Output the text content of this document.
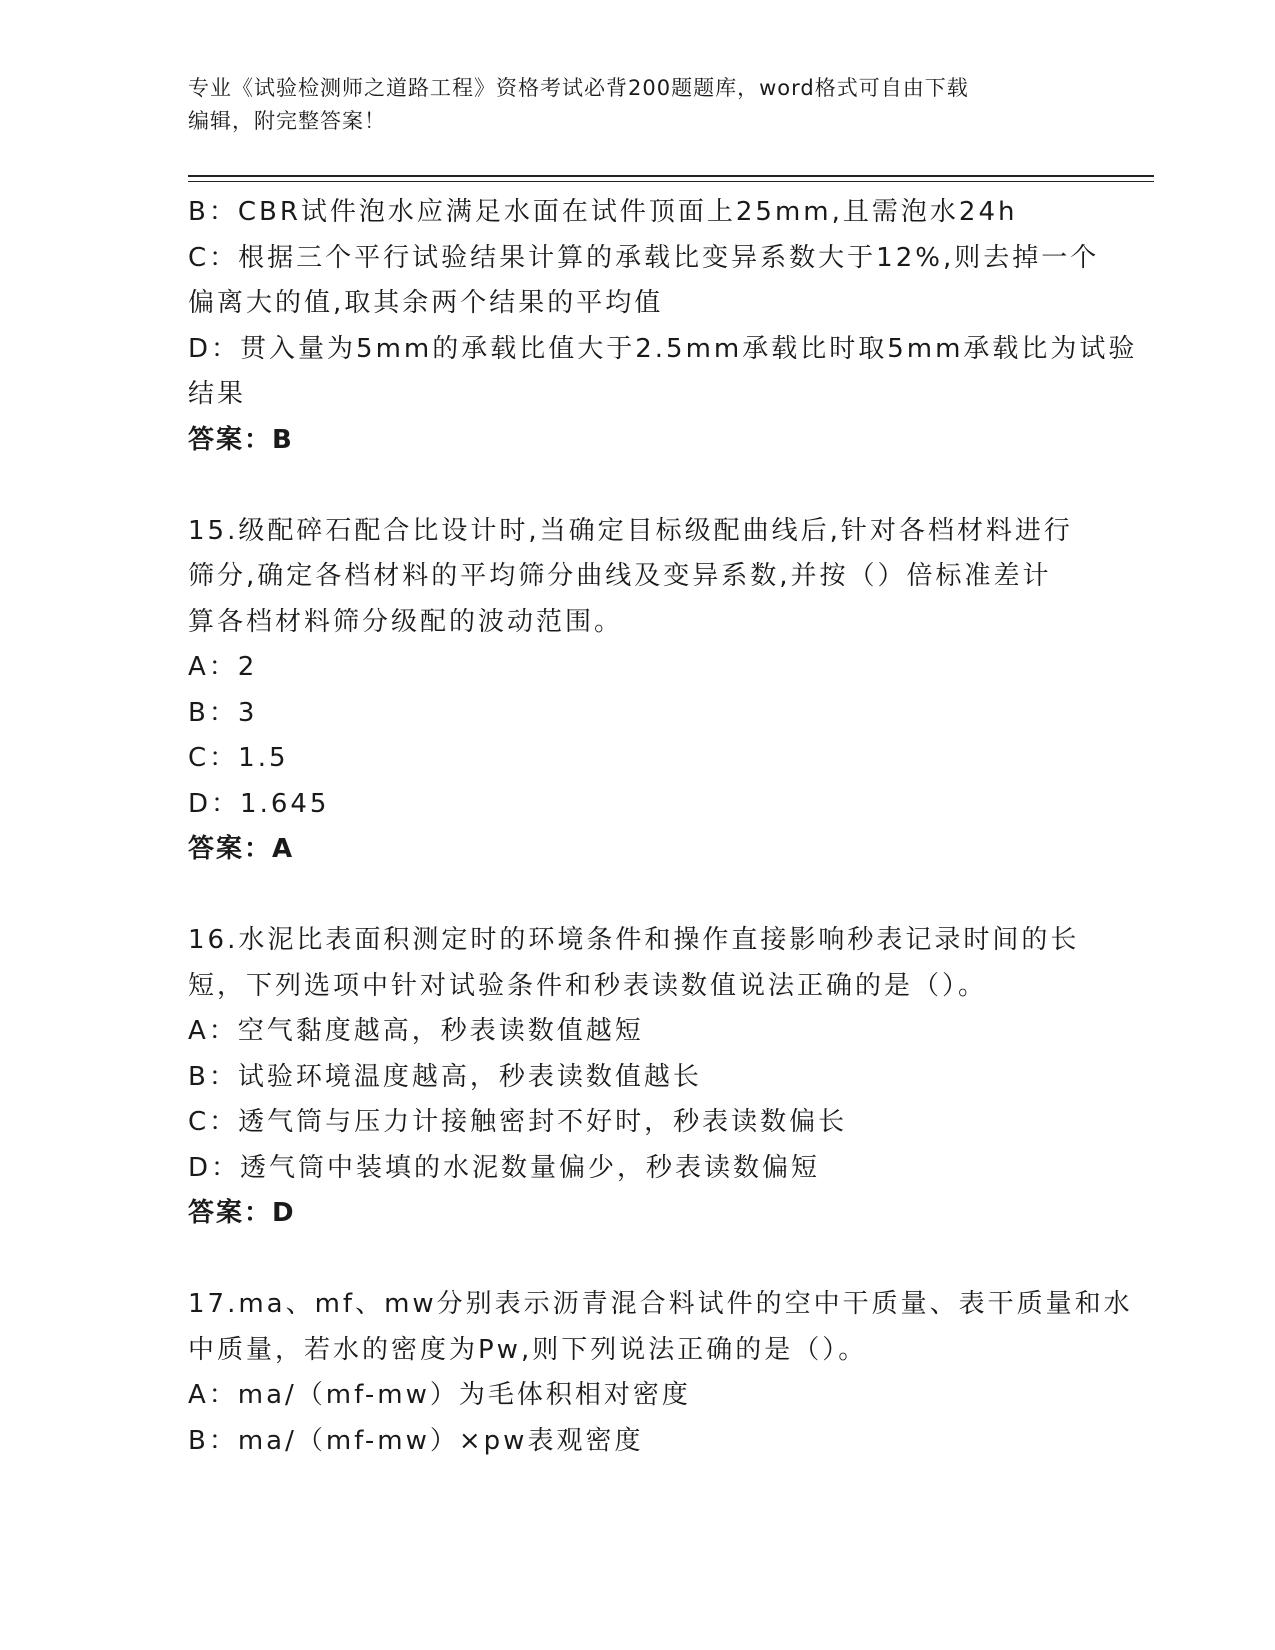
专业《试验检测师之道路工程》资格考试必背200题题库，word格式可自由下载
编辑，附完整答案！
B：CBR试件泡水应满足水面在试件顶面上25mm,且需泡水24h
C：根据三个平行试验结果计算的承载比变异系数大于12%,则去掉一个
偏离大的值,取其余两个结果的平均值
D：贯入量为5mm的承载比值大于2.5mm承载比时取5mm承载比为试验
结果
答案：B
15.级配碎石配合比设计时,当确定目标级配曲线后,针对各档材料进行
筛分,确定各档材料的平均筛分曲线及变异系数,并按（）倍标准差计
算各档材料筛分级配的波动范围。
A：2
B：3
C：1.5
D：1.645
答案：A
16.水泥比表面积测定时的环境条件和操作直接影响秒表记录时间的长
短，下列选项中针对试验条件和秒表读数值说法正确的是（）。
A：空气黏度越高，秒表读数值越短
B：试验环境温度越高，秒表读数值越长
C：透气筒与压力计接触密封不好时，秒表读数偏长
D：透气筒中装填的水泥数量偏少，秒表读数偏短
答案：D
17.ma、mf、mw分别表示沥青混合料试件的空中干质量、表干质量和水
中质量，若水的密度为Pw,则下列说法正确的是（）。
A：ma/（mf-mw）为毛体积相对密度
B：ma/（mf-mw）×pw表观密度
